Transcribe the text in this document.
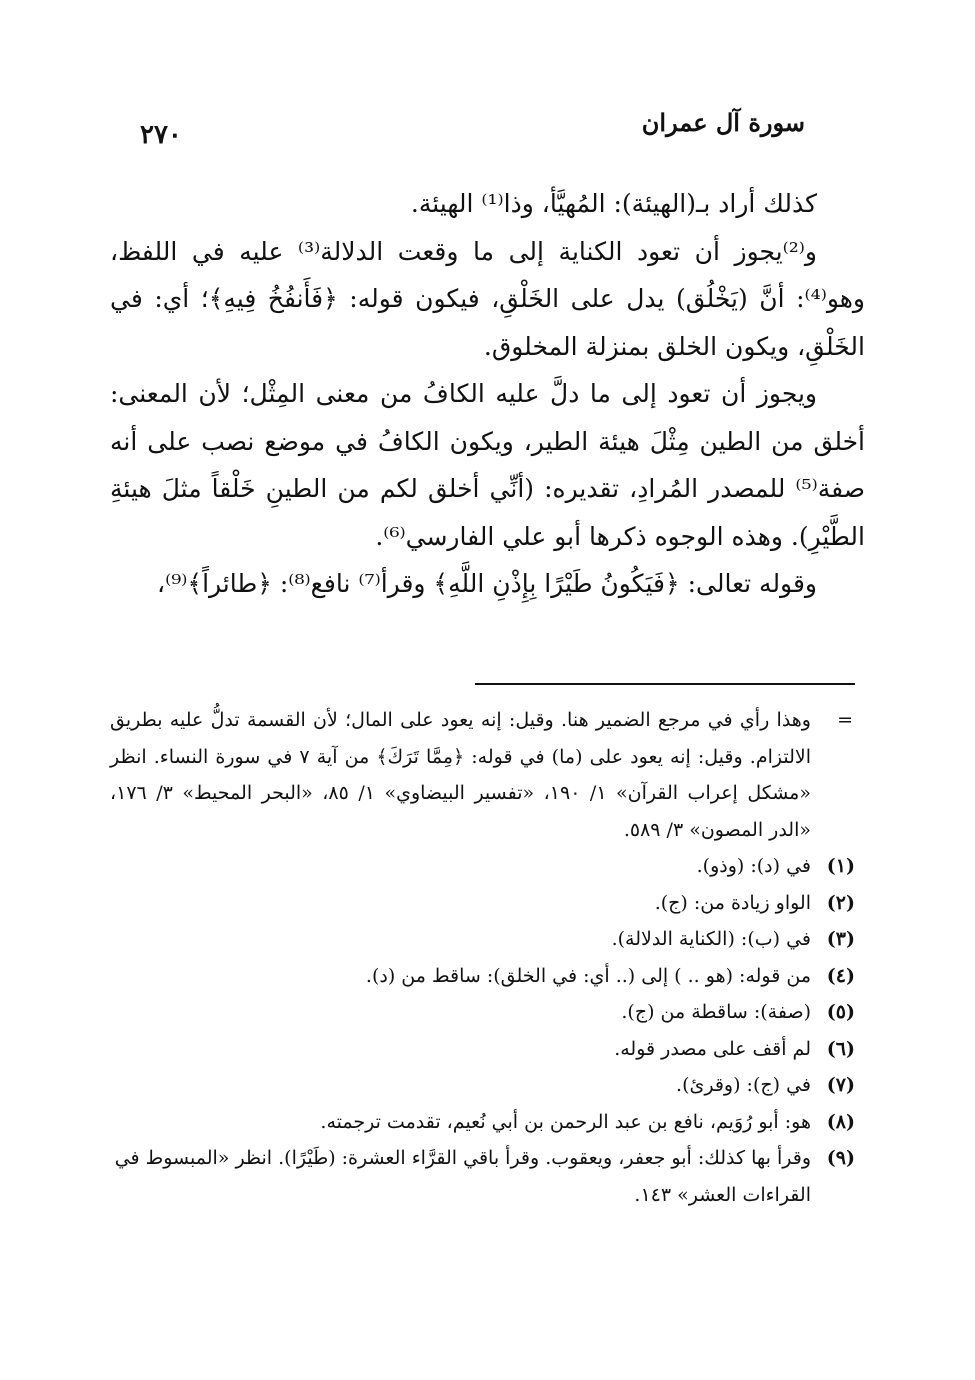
سورة آل عمران
٢٧٠

كذلك أراد بـ(الهيئة): المُهيَّأ، وذا⁽¹⁾ الهيئة.

و⁽²⁾يجوز أن تعود الكناية إلى ما وقعت الدلالة⁽³⁾ عليه في اللفظ، وهو⁽⁴⁾: أنَّ (يَخْلُق) يدل على الخَلْقِ، فيكون قوله: ﴿فَأَنفُخُ فِيهِ﴾؛ أي: في الخَلْقِ، ويكون الخلق بمنزلة المخلوق.

ويجوز أن تعود إلى ما دلَّ عليه الكافُ من معنى المِثْل؛ لأن المعنى: أخلق من الطين مِثْلَ هيئة الطير، ويكون الكافُ في موضع نصب على أنه صفة⁽⁵⁾ للمصدر المُرادِ، تقديره: (أنِّي أخلق لكم من الطينِ خَلْقاً مثلَ هيئةِ الطَّيْرِ). وهذه الوجوه ذكرها أبو علي الفارسي⁽⁶⁾.

وقوله تعالى: ﴿فَيَكُونُ طَيْرًا بِإِذْنِ اللَّهِ﴾ وقرأ⁽⁷⁾ نافع⁽⁸⁾: ﴿طائراً﴾⁽⁹⁾،

=
وهذا رأي في مرجع الضمير هنا. وقيل: إنه يعود على المال؛ لأن القسمة تدلُّ عليه بطريق الالتزام. وقيل: إنه يعود على (ما) في قوله: ﴿مِمَّا تَرَكَ﴾ من آية ٧ في سورة النساء. انظر «مشكل إعراب القرآن» ١/ ١٩٠، «تفسير البيضاوي» ١/ ٨٥، «البحر المحيط» ٣/ ١٧٦، «الدر المصون» ٣/ ٥٨٩.
(١)
في (د): (وذو).
(٢)
الواو زيادة من: (ج).
(٣)
في (ب): (الكناية الدلالة).
(٤)
من قوله: (هو .. ) إلى (.. أي: في الخلق): ساقط من (د).
(٥)
(صفة): ساقطة من (ج).
(٦)
لم أقف على مصدر قوله.
(٧)
في (ج): (وقرئ).
(٨)
هو: أبو رُوَيم، نافع بن عبد الرحمن بن أبي نُعيم، تقدمت ترجمته.
(٩)
وقرأ بها كذلك: أبو جعفر، ويعقوب. وقرأ باقي القرَّاء العشرة: (طَيْرًا). انظر «المبسوط في القراءات العشر» ١٤٣.
